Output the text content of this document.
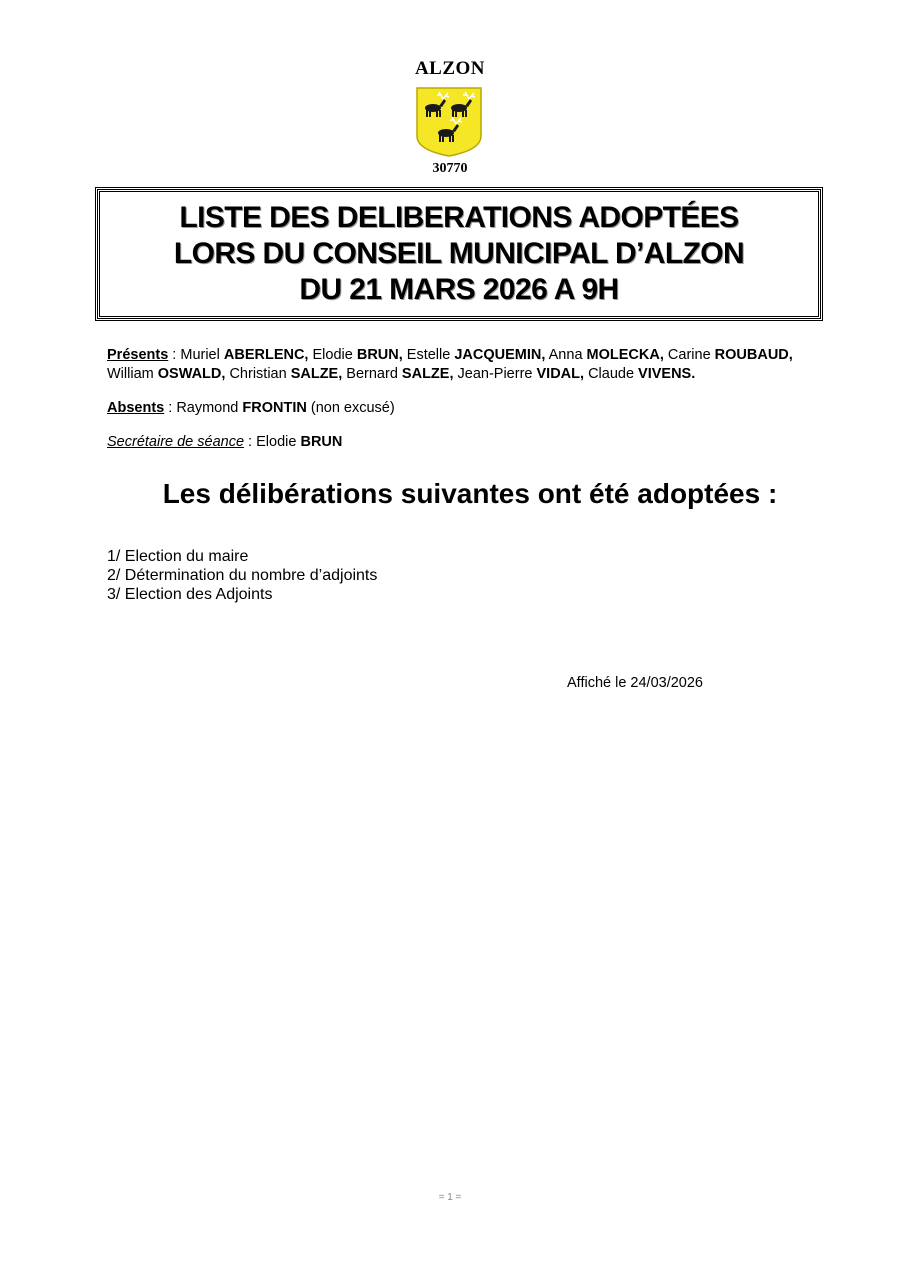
ALZON
30770
LISTE DES DELIBERATIONS ADOPTÉES
LORS DU CONSEIL MUNICIPAL D’ALZON
DU 21 MARS 2026 A 9H
Présents : Muriel ABERLENC, Elodie BRUN, Estelle JACQUEMIN, Anna MOLECKA, Carine ROUBAUD, William OSWALD, Christian SALZE, Bernard SALZE, Jean-Pierre VIDAL, Claude VIVENS.
Absents : Raymond FRONTIN (non excusé)
Secrétaire de séance : Elodie BRUN
Les délibérations suivantes ont été adoptées :
1/ Election du maire
2/ Détermination du nombre d’adjoints
3/ Election des Adjoints
Affiché le 24/03/2026
= 1 =
